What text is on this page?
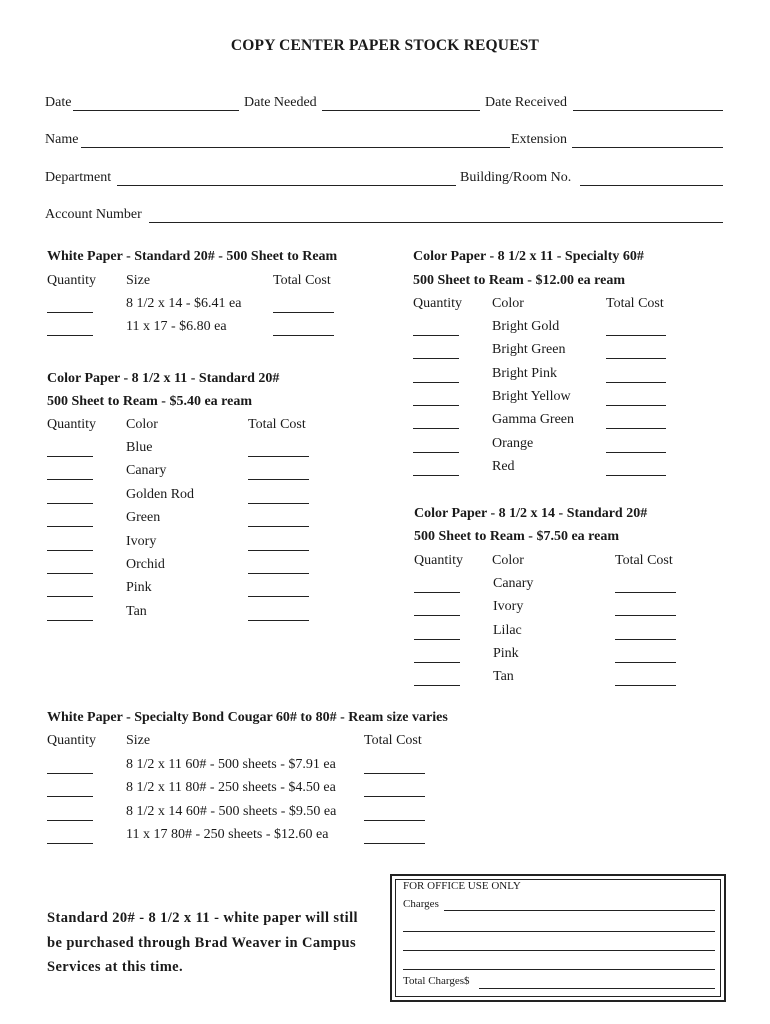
COPY CENTER PAPER STOCK REQUEST
Date	Date Needed	Date Received
Name	Extension
Department	Building/Room No.
Account Number
White Paper - Standard 20# - 500 Sheet to Ream
Quantity Size	Total Cost
8 1/2 x 14 - $6.41 ea
11 x 17 - $6.80 ea
Color Paper - 8 1/2 x 11 - Standard 20#
500 Sheet to Ream - $5.40 ea ream
Quantity Color	Total Cost
Blue
Canary
Golden Rod
Green
Ivory
Orchid
Pink
Tan
Color Paper - 8 1/2 x 11 - Specialty 60#
500 Sheet to Ream - $12.00 ea ream
Quantity Color	Total Cost
Bright Gold
Bright Green
Bright Pink
Bright Yellow
Gamma Green
Orange
Red
Color Paper - 8 1/2 x 14 - Standard 20#
500 Sheet to Ream - $7.50 ea ream
Quantity Color	Total Cost
Canary
Ivory
Lilac
Pink
Tan
White Paper - Specialty Bond Cougar 60# to 80# - Ream size varies
Quantity Size	Total Cost
8 1/2 x 11 60# - 500 sheets - $7.91 ea
8 1/2 x 11 80# - 250 sheets - $4.50 ea
8 1/2 x 14 60# - 500 sheets - $9.50 ea
11 x 17 80# - 250 sheets - $12.60 ea
Standard 20# - 8 1/2 x 11 - white paper will still be purchased through Brad Weaver in Campus Services at this time.
FOR OFFICE USE ONLY
Charges
Total Charges$
